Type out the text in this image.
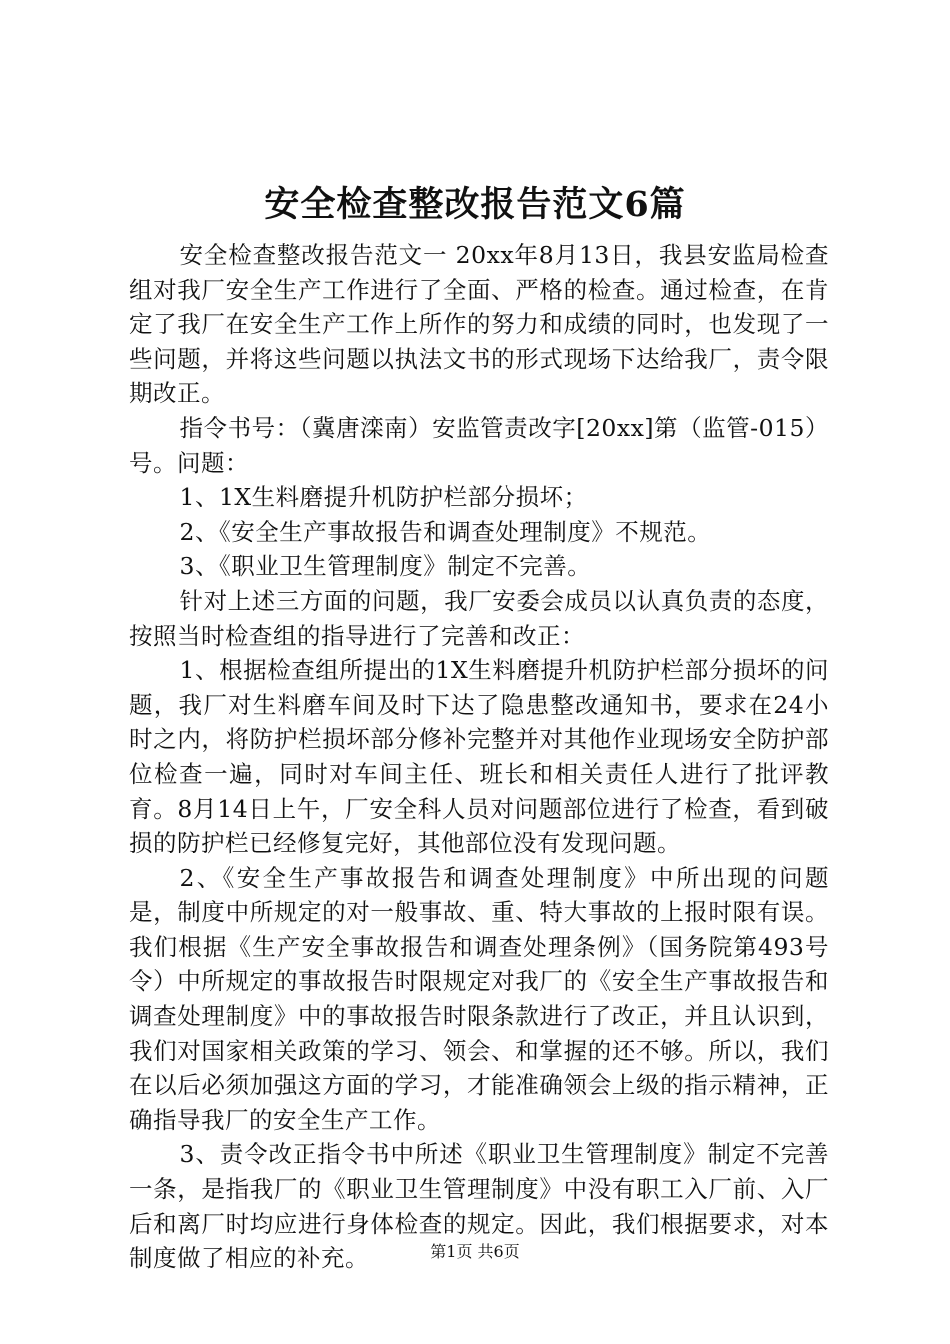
安全检查整改报告范文6篇

安全检查整改报告范文一 20xx年8月13日，我县安监局检查组对我厂安全生产工作进行了全面、严格的检查。通过检查，在肯定了我厂在安全生产工作上所作的努力和成绩的同时，也发现了一些问题，并将这些问题以执法文书的形式现场下达给我厂，责令限期改正。

指令书号：（冀唐滦南）安监管责改字[20xx]第（监管-015）号。问题：

1、1X生料磨提升机防护栏部分损坏；

2、《安全生产事故报告和调查处理制度》不规范。

3、《职业卫生管理制度》制定不完善。

针对上述三方面的问题，我厂安委会成员以认真负责的态度，按照当时检查组的指导进行了完善和改正：

1、根据检查组所提出的1X生料磨提升机防护栏部分损坏的问题，我厂对生料磨车间及时下达了隐患整改通知书，要求在24小时之内，将防护栏损坏部分修补完整并对其他作业现场安全防护部位检查一遍，同时对车间主任、班长和相关责任人进行了批评教育。8月14日上午，厂安全科人员对问题部位进行了检查，看到破损的防护栏已经修复完好，其他部位没有发现问题。

2、《安全生产事故报告和调查处理制度》中所出现的问题是，制度中所规定的对一般事故、重、特大事故的上报时限有误。我们根据《生产安全事故报告和调查处理条例》（国务院第493号令）中所规定的事故报告时限规定对我厂的《安全生产事故报告和调查处理制度》中的事故报告时限条款进行了改正，并且认识到，我们对国家相关政策的学习、领会、和掌握的还不够。所以，我们在以后必须加强这方面的学习，才能准确领会上级的指示精神，正确指导我厂的安全生产工作。

3、责令改正指令书中所述《职业卫生管理制度》制定不完善一条，是指我厂的《职业卫生管理制度》中没有职工入厂前、入厂后和离厂时均应进行身体检查的规定。因此，我们根据要求，对本制度做了相应的补充。	第1页 共6页
